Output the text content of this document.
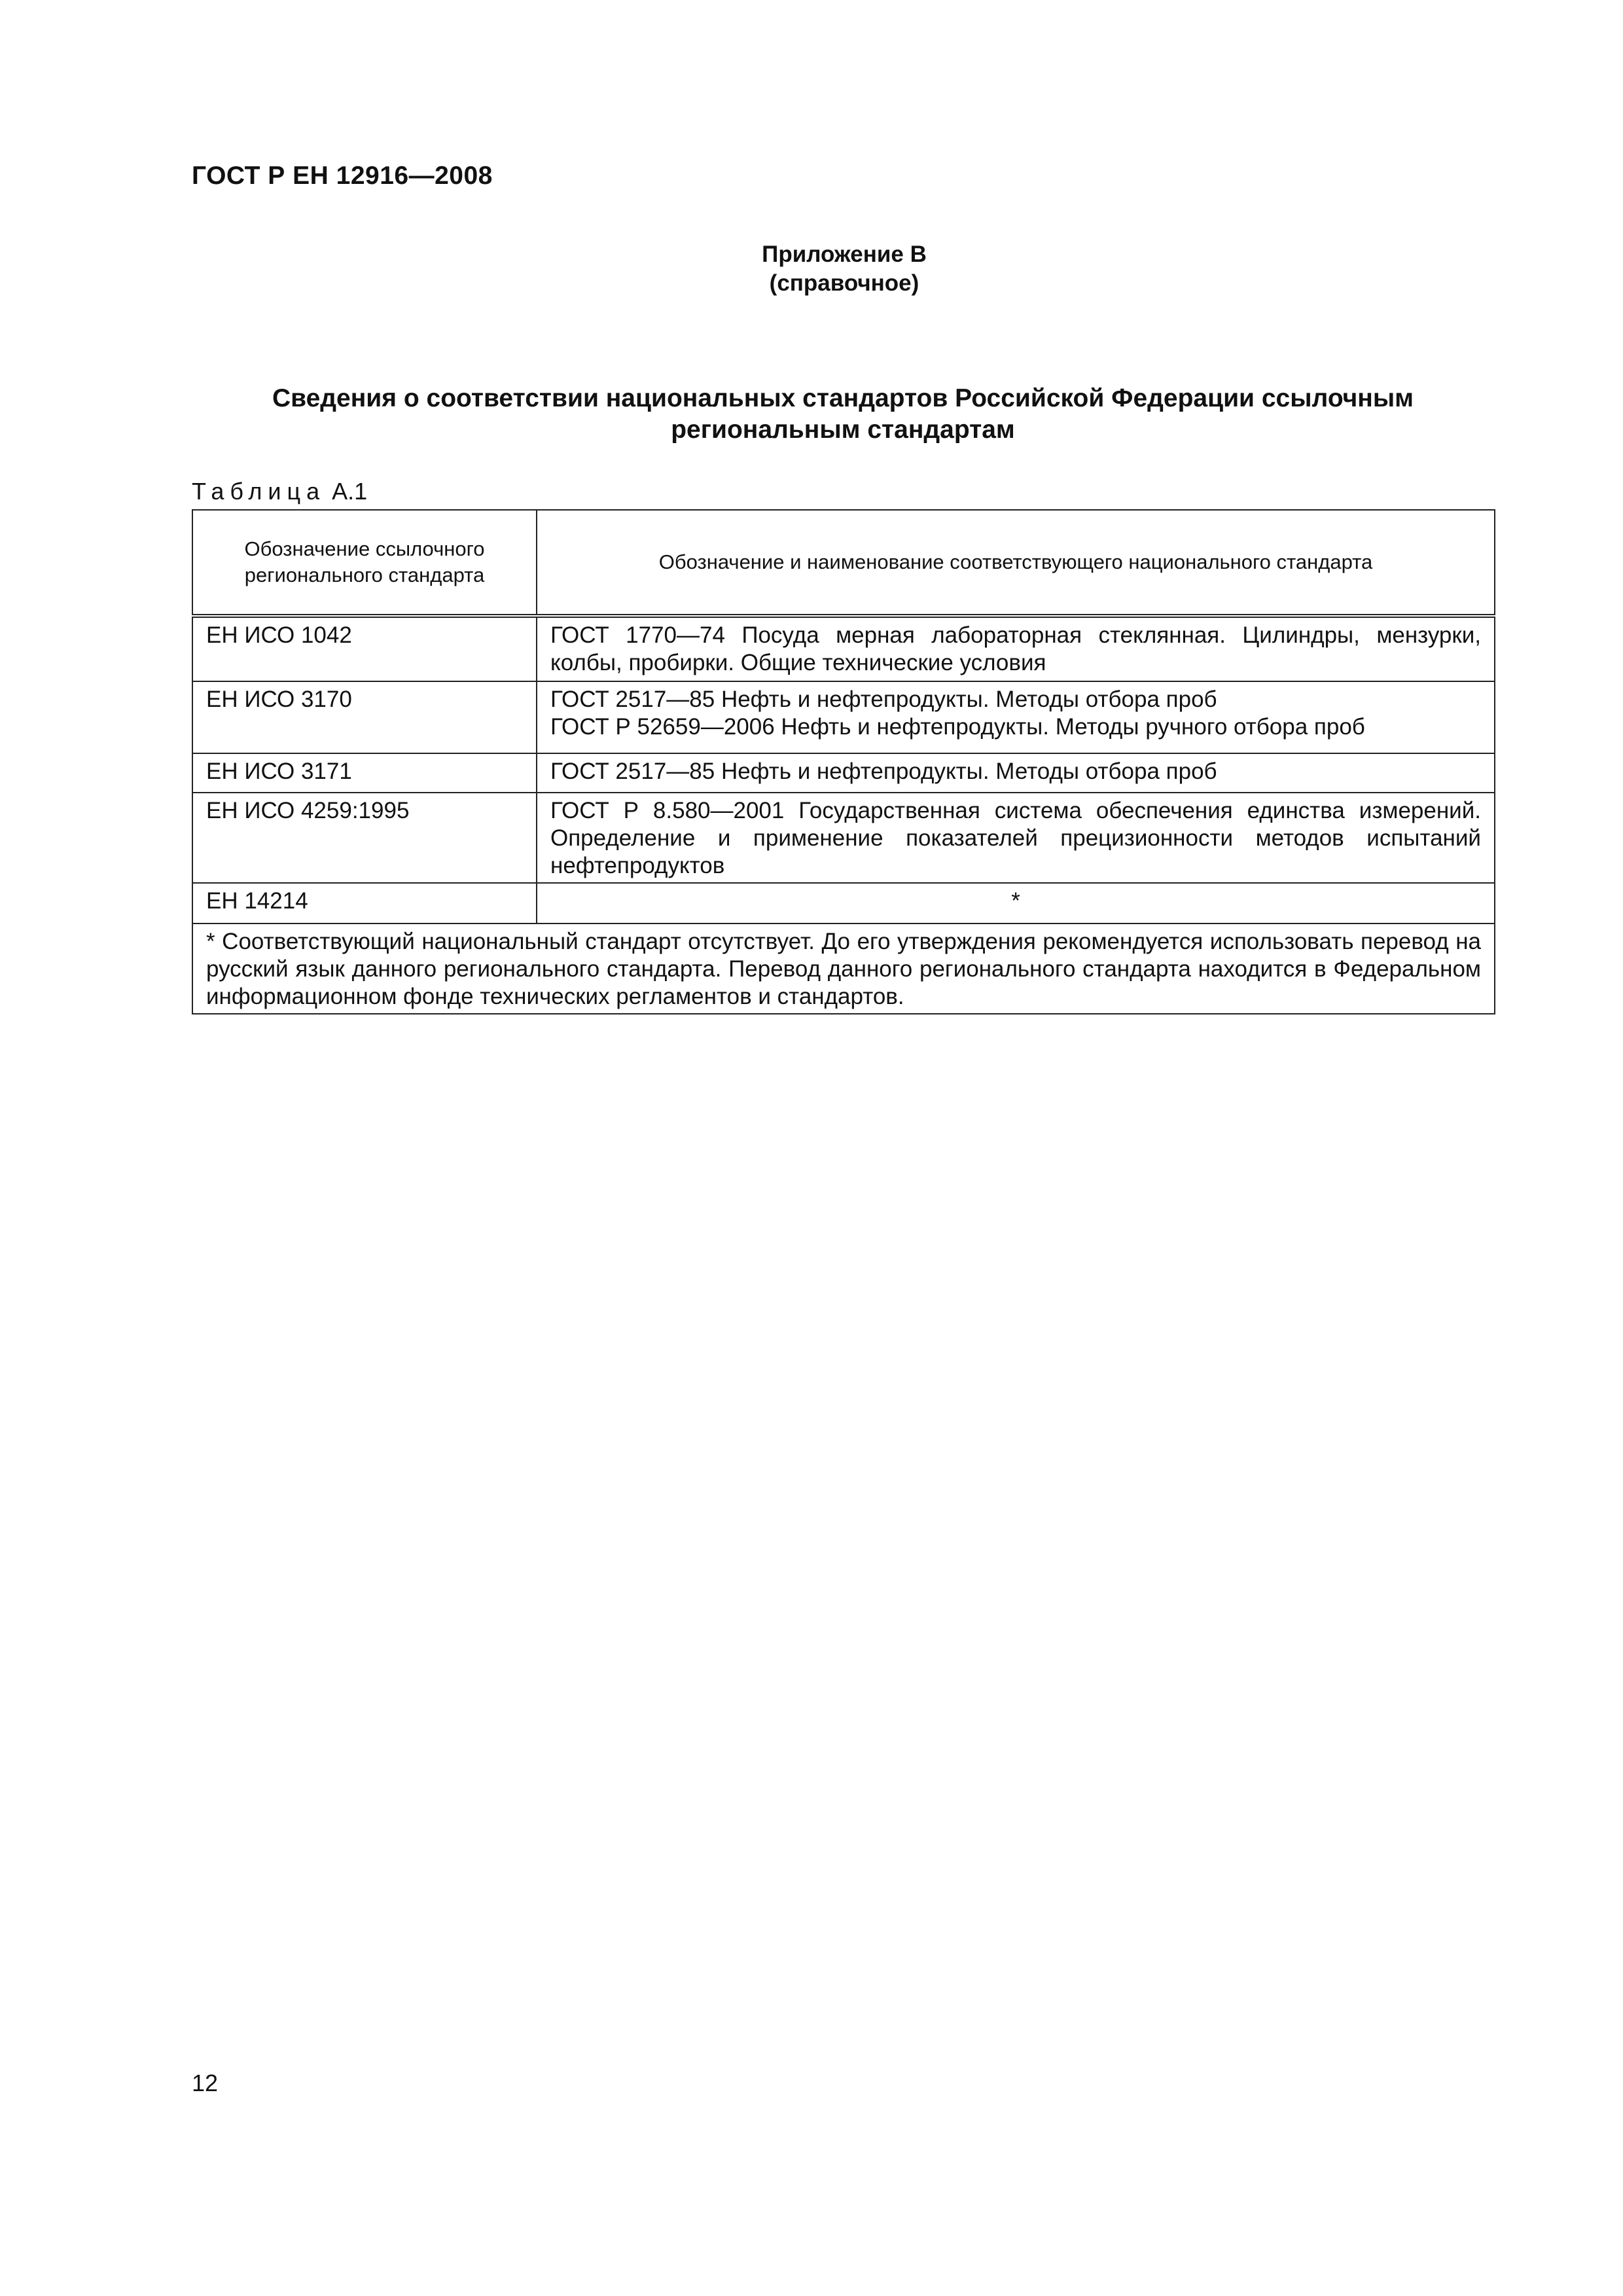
ГОСТ Р ЕН 12916—2008
Приложение В
(справочное)
Сведения о соответствии национальных стандартов Российской Федерации ссылочным
региональным стандартам
Таблица А.1
Обозначение ссылочного регионального стандарта	Обозначение и наименование соответствующего национального стандарта
ЕН ИСО 1042	ГОСТ 1770—74 Посуда мерная лабораторная стеклянная. Цилиндры, мензурки, колбы, пробирки. Общие технические условия

ЕН ИСО 3170	ГОСТ 2517—85 Нефть и нефтепродукты. Методы отбора проб
ГОСТ Р 52659—2006 Нефть и нефтепродукты. Методы ручного отбора проб

ЕН ИСО 3171	ГОСТ 2517—85 Нефть и нефтепродукты. Методы отбора проб

ЕН ИСО 4259:1995	ГОСТ Р 8.580—2001 Государственная система обеспечения единства измерений. Определение и применение показателей прецизионности методов испытаний нефтепродуктов

ЕН 14214	*

* Соответствующий национальный стандарт отсутствует. До его утверждения рекомендуется использовать перевод на русский язык данного регионального стандарта. Перевод данного регионального стандарта находится в Федеральном информационном фонде технических регламентов и стандартов.	
12
